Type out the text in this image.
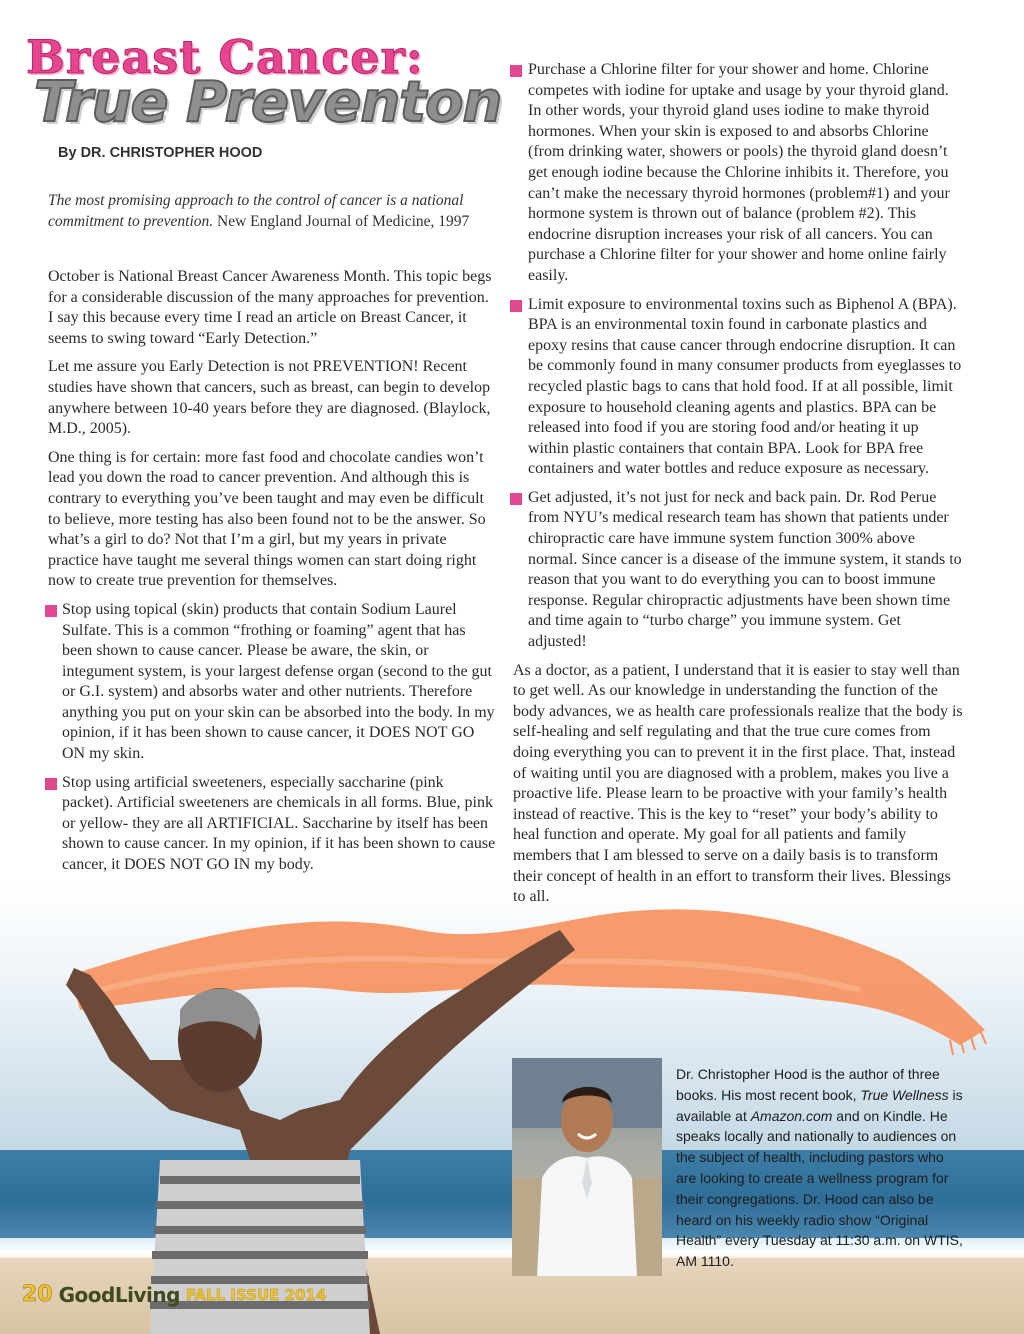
Breast Cancer:
True Preventon
By DR. CHRISTOPHER HOOD
The most promising approach to the control of cancer is a national commitment to prevention. New England Journal of Medicine, 1997

October is National Breast Cancer Awareness Month. This topic begs for a considerable discussion of the many approaches for prevention. I say this because every time I read an article on Breast Cancer, it seems to swing toward “Early Detection.”

Let me assure you Early Detection is not PREVENTION! Recent studies have shown that cancers, such as breast, can begin to develop anywhere between 10-40 years before they are diagnosed. (Blaylock, M.D., 2005).

One thing is for certain: more fast food and chocolate candies won’t lead you down the road to cancer prevention. And although this is contrary to everything you’ve been taught and may even be difficult to believe, more testing has also been found not to be the answer. So what’s a girl to do? Not that I’m a girl, but my years in private practice have taught me several things women can start doing right now to create true prevention for themselves.

Stop using topical (skin) products that contain Sodium Laurel Sulfate. This is a common “frothing or foaming” agent that has been shown to cause cancer. Please be aware, the skin, or integument system, is your largest defense organ (second to the gut or G.I. system) and absorbs water and other nutrients. Therefore anything you put on your skin can be absorbed into the body. In my opinion, if it has been shown to cause cancer, it DOES NOT GO ON my skin.
Stop using artificial sweeteners, especially saccharine (pink packet). Artificial sweeteners are chemicals in all forms. Blue, pink or yellow- they are all ARTIFICIAL. Saccharine by itself has been shown to cause cancer. In my opinion, if it has been shown to cause cancer, it DOES NOT GO IN my body.
Purchase a Chlorine filter for your shower and home. Chlorine competes with iodine for uptake and usage by your thyroid gland. In other words, your thyroid gland uses iodine to make thyroid hormones. When your skin is exposed to and absorbs Chlorine (from drinking water, showers or pools) the thyroid gland doesn’t get enough iodine because the Chlorine inhibits it. Therefore, you can’t make the necessary thyroid hormones (problem#1) and your hormone system is thrown out of balance (problem #2). This endocrine disruption increases your risk of all cancers. You can purchase a Chlorine filter for your shower and home online fairly easily.
Limit exposure to environmental toxins such as Biphenol A (BPA). BPA is an environmental toxin found in carbonate plastics and epoxy resins that cause cancer through endocrine disruption. It can be commonly found in many consumer products from eyeglasses to recycled plastic bags to cans that hold food. If at all possible, limit exposure to household cleaning agents and plastics. BPA can be released into food if you are storing food and/or heating it up within plastic containers that contain BPA. Look for BPA free containers and water bottles and reduce exposure as necessary.
Get adjusted, it’s not just for neck and back pain. Dr. Rod Perue from NYU’s medical research team has shown that patients under chiropractic care have immune system function 300% above normal. Since cancer is a disease of the immune system, it stands to reason that you want to do everything you can to boost immune response. Regular chiropractic adjustments have been shown time and time again to “turbo charge” you immune system. Get adjusted!

As a doctor, as a patient, I understand that it is easier to stay well than to get well. As our knowledge in understanding the function of the body advances, we as health care professionals realize that the body is self-healing and self regulating and that the true cure comes from doing everything you can to prevent it in the first place. That, instead of waiting until you are diagnosed with a problem, makes you live a proactive life. Please learn to be proactive with your family’s health instead of reactive. This is the key to “reset” your body’s ability to heal function and operate. My goal for all patients and family members that I am blessed to serve on a daily basis is to transform their concept of health in an effort to transform their lives. Blessings to all.

Dr. Christopher Hood is the author of three books. His most recent book, True Wellness is available at Amazon.com and on Kindle. He speaks locally and nationally to audiences on the subject of health, including pastors who are looking to create a wellness program for their congregations. Dr. Hood can also be heard on his weekly radio show “Original Health” every Tuesday at 11:30 a.m. on WTIS, AM 1110.
20 GoodLiving FALL ISSUE 2014
